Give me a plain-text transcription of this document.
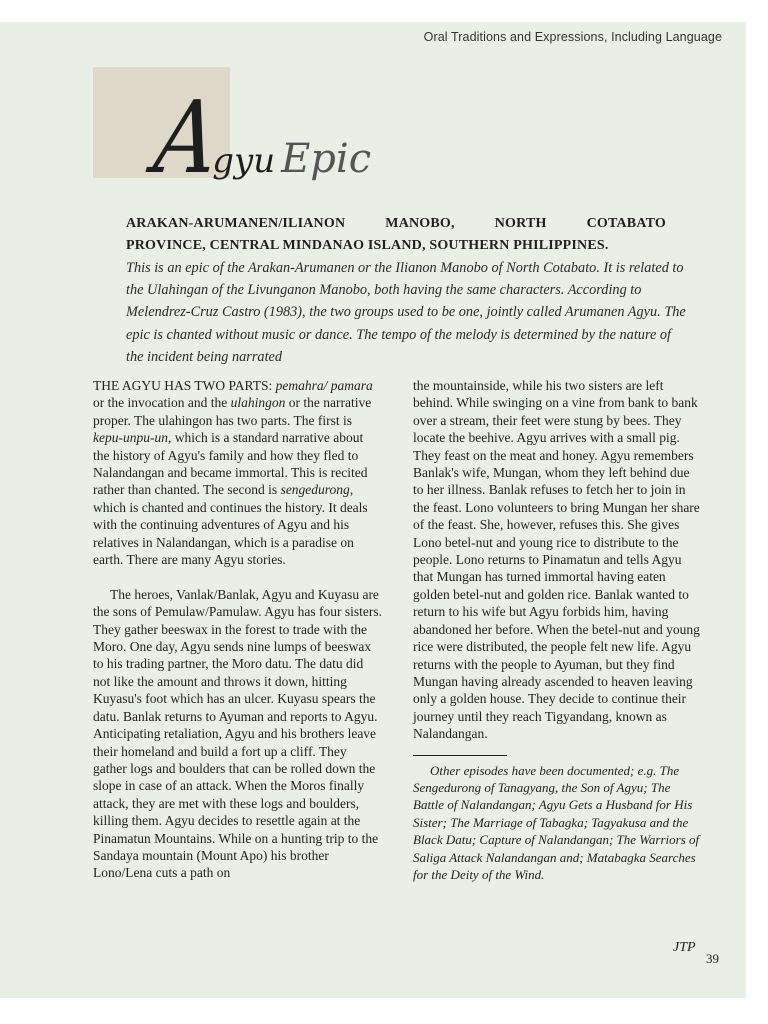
Oral Traditions and Expressions, Including Language
Agyu Epic
ARAKAN-ARUMANEN/ILIANON MANOBO, NORTH COTABATO
PROVINCE, CENTRAL MINDANAO ISLAND, SOUTHERN PHILIPPINES.
This is an epic of the Arakan-Arumanen or the Ilianon Manobo of North Cotabato. It is related to the Ulahingan of the Livunganon Manobo, both having the same characters. According to Melendrez-Cruz Castro (1983), the two groups used to be one, jointly called Arumanen Agyu. The epic is chanted without music or dance. The tempo of the melody is determined by the nature of the incident being narrated

THE AGYU HAS TWO PARTS: pemahra/ pamara or the invocation and the ulahingon or the narrative proper. The ulahingon has two parts. The first is kepu-unpu-un, which is a standard narrative about the history of Agyu's family and how they fled to Nalandangan and became immortal. This is recited rather than chanted. The second is sengedurong, which is chanted and continues the history. It deals with the continuing adventures of Agyu and his relatives in Nalandangan, which is a paradise on earth. There are many Agyu stories.

The heroes, Vanlak/Banlak, Agyu and Kuyasu are the sons of Pemulaw/Pamulaw. Agyu has four sisters. They gather beeswax in the forest to trade with the Moro. One day, Agyu sends nine lumps of beeswax to his trading partner, the Moro datu. The datu did not like the amount and throws it down, hitting Kuyasu's foot which has an ulcer. Kuyasu spears the datu. Banlak returns to Ayuman and reports to Agyu. Anticipating retaliation, Agyu and his brothers leave their homeland and build a fort up a cliff. They gather logs and boulders that can be rolled down the slope in case of an attack. When the Moros finally attack, they are met with these logs and boulders, killing them. Agyu decides to resettle again at the Pinamatun Mountains. While on a hunting trip to the Sandaya mountain (Mount Apo) his brother Lono/Lena cuts a path on

the mountainside, while his two sisters are left behind. While swinging on a vine from bank to bank over a stream, their feet were stung by bees. They locate the beehive. Agyu arrives with a small pig. They feast on the meat and honey. Agyu remembers Banlak's wife, Mungan, whom they left behind due to her illness. Banlak refuses to fetch her to join in the feast. Lono volunteers to bring Mungan her share of the feast. She, however, refuses this. She gives Lono betel-nut and young rice to distribute to the people. Lono returns to Pinamatun and tells Agyu that Mungan has turned immortal having eaten golden betel-nut and golden rice. Banlak wanted to return to his wife but Agyu forbids him, having abandoned her before. When the betel-nut and young rice were distributed, the people felt new life. Agyu returns with the people to Ayuman, but they find Mungan having already ascended to heaven leaving only a golden house. They decide to continue their journey until they reach Tigyandang, known as Nalandangan.

Other episodes have been documented; e.g. The Sengedurong of Tanagyang, the Son of Agyu; The Battle of Nalandangan; Agyu Gets a Husband for His Sister; The Marriage of Tabagka; Tagyakusa and the Black Datu; Capture of Nalandangan; The Warriors of Saliga Attack Nalandangan and; Matabagka Searches for the Deity of the Wind.

JTP
39
